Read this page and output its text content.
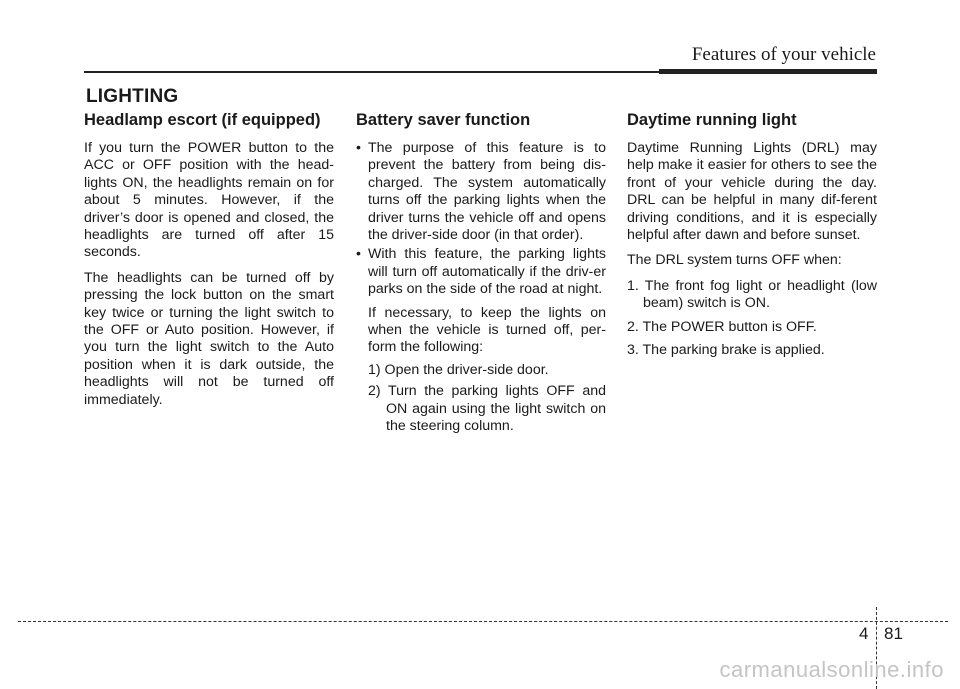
Features of your vehicle
LIGHTING
Headlamp escort (if equipped)

If you turn the POWER button to the ACC or OFF position with the head-lights ON, the headlights remain on for about 5 minutes. However, if the driver’s door is opened and closed, the headlights are turned off after 15 seconds.

The headlights can be turned off by pressing the lock button on the smart key twice or turning the light switch to the OFF or Auto position. However, if you turn the light switch to the Auto position when it is dark outside, the headlights will not be turned off immediately.

Battery saver function
• The purpose of this feature is to prevent the battery from being dis-charged. The system automatically turns off the parking lights when the driver turns the vehicle off and opens the driver-side door (in that order).
• With this feature, the parking lights will turn off automatically if the driv-er parks on the side of the road at night.
If necessary, to keep the lights on when the vehicle is turned off, per-form the following:
1) Open the driver-side door.
2) Turn the parking lights OFF and ON again using the light switch on the steering column.
Daytime running light

Daytime Running Lights (DRL) may help make it easier for others to see the front of your vehicle during the day. DRL can be helpful in many dif-ferent driving conditions, and it is especially helpful after dawn and before sunset.

The DRL system turns OFF when:

1. The front fog light or headlight (low beam) switch is ON.
2. The POWER button is OFF.
3. The parking brake is applied.
4 81
carmanualsonline.info
